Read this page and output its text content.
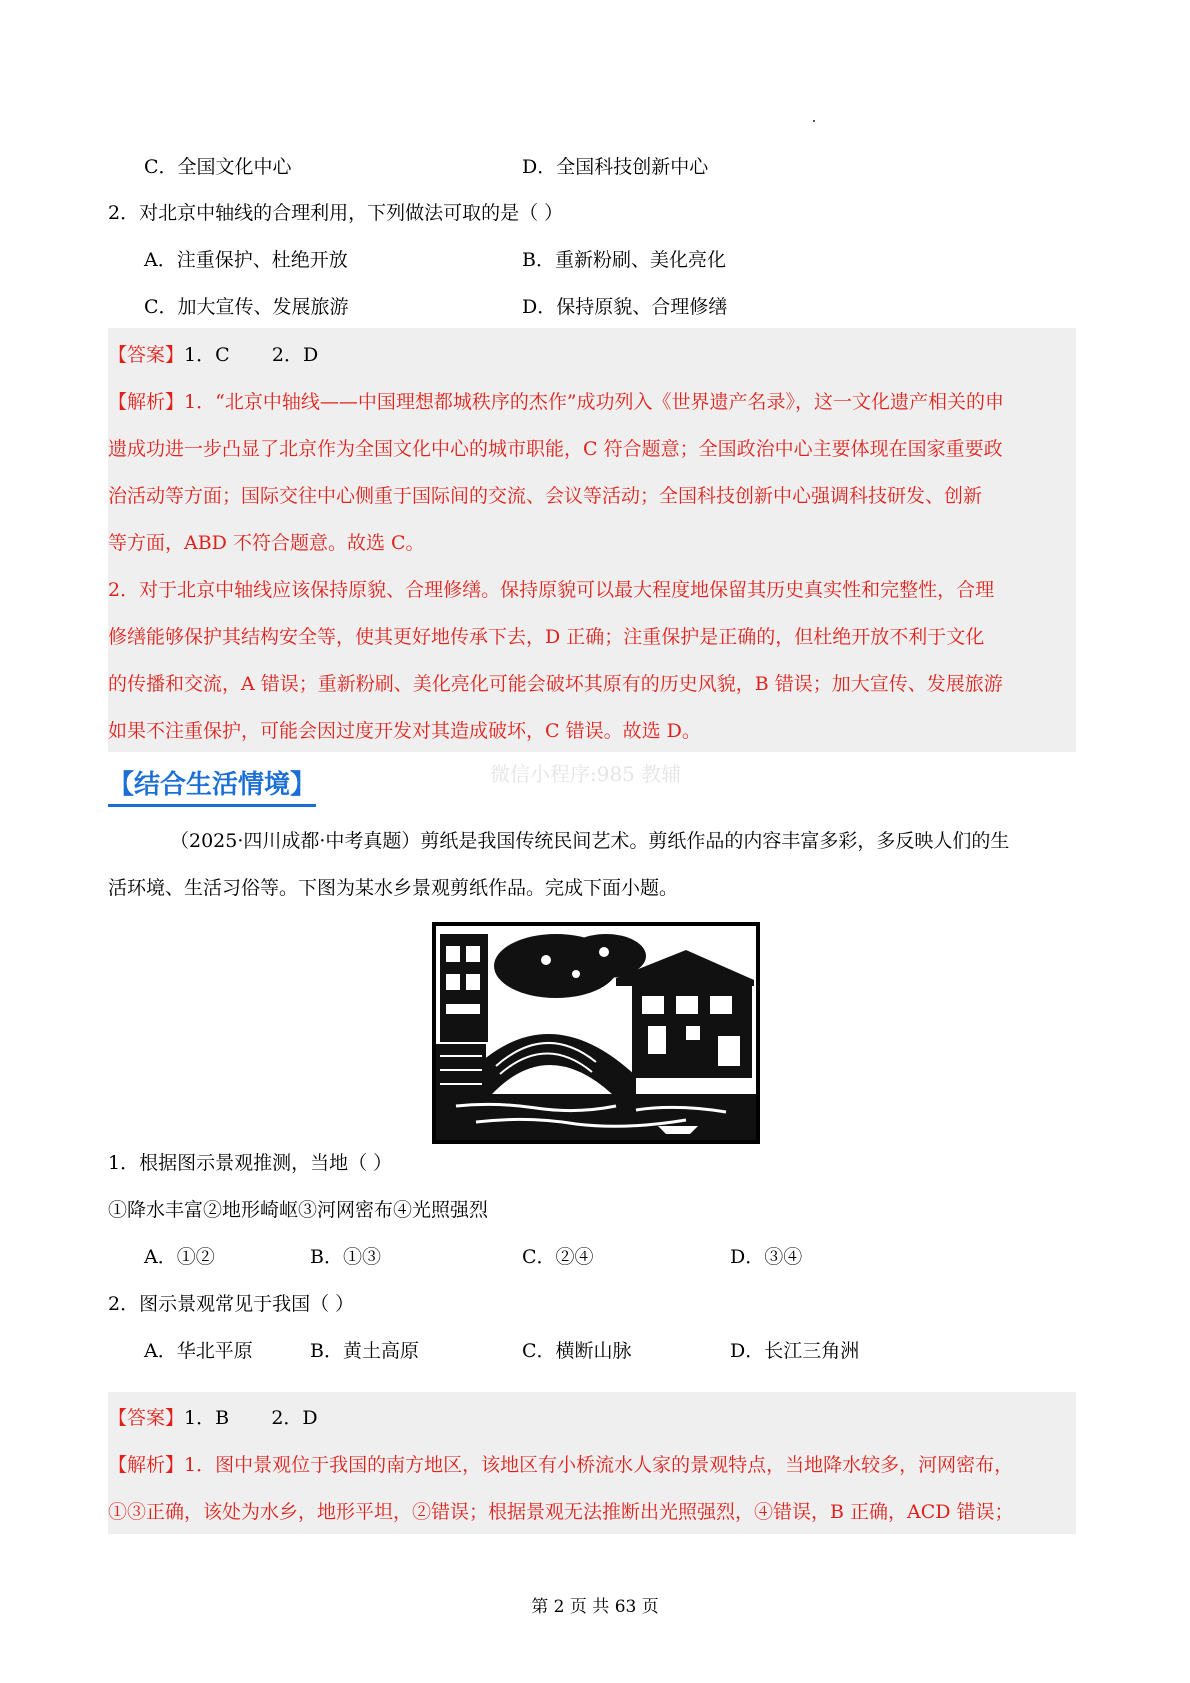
C．全国文化中心	D．全国科技创新中心
2．对北京中轴线的合理利用，下列做法可取的是（ ）
A．注重保护、杜绝开放	B．重新粉刷、美化亮化
C．加大宣传、发展旅游	D．保持原貌、合理修缮
【答案】1．C       2．D
【解析】1．“北京中轴线——中国理想都城秩序的杰作”成功列入《世界遗产名录》，这一文化遗产相关的申
遗成功进一步凸显了北京作为全国文化中心的城市职能，C 符合题意；全国政治中心主要体现在国家重要政
治活动等方面；国际交往中心侧重于国际间的交流、会议等活动；全国科技创新中心强调科技研发、创新
等方面，ABD 不符合题意。故选 C。
2．对于北京中轴线应该保持原貌、合理修缮。保持原貌可以最大程度地保留其历史真实性和完整性，合理
修缮能够保护其结构安全等，使其更好地传承下去，D 正确；注重保护是正确的，但杜绝开放不利于文化
的传播和交流，A 错误；重新粉刷、美化亮化可能会破坏其原有的历史风貌，B 错误；加大宣传、发展旅游
如果不注重保护，可能会因过度开发对其造成破坏，C 错误。故选 D。
微信小程序:985 教辅
【结合生活情境】
（2025·四川成都·中考真题）剪纸是我国传统民间艺术。剪纸作品的内容丰富多彩，多反映人们的生
活环境、生活习俗等。下图为某水乡景观剪纸作品。完成下面小题。
1．根据图示景观推测，当地（ ）
①降水丰富②地形崎岖③河网密布④光照强烈
A．①②	B．①③	C．②④	D．③④
2．图示景观常见于我国（ ）
A．华北平原	B．黄土高原	C．横断山脉	D．长江三角洲
【答案】1．B       2．D
【解析】1．图中景观位于我国的南方地区，该地区有小桥流水人家的景观特点，当地降水较多，河网密布，
①③正确，该处为水乡，地形平坦，②错误；根据景观无法推断出光照强烈，④错误，B 正确，ACD 错误；
第 2 页 共 63 页
